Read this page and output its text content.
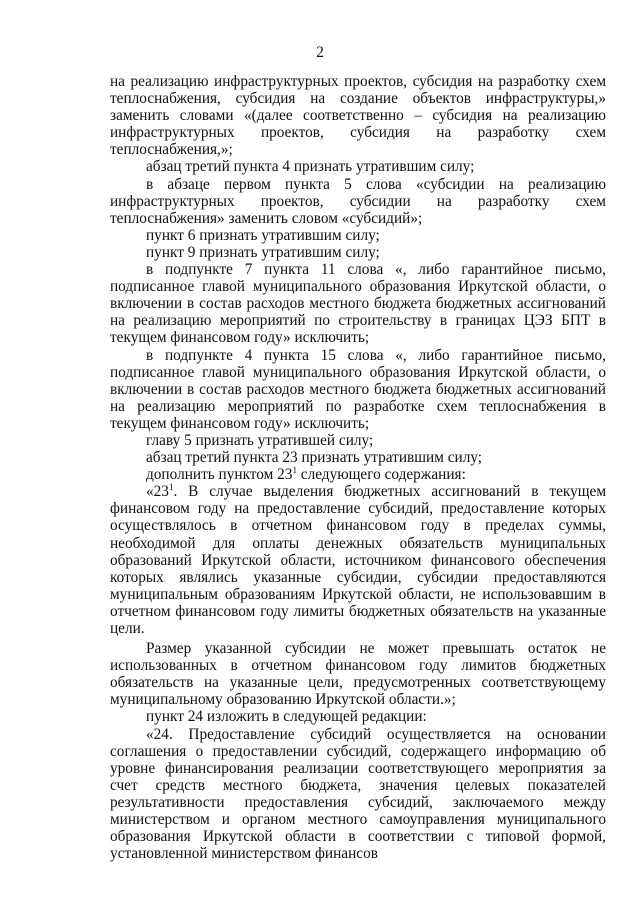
2

на реализацию инфраструктурных проектов, субсидия на разработку схем теплоснабжения, субсидия на создание объектов инфраструктуры,» заменить словами «(далее соответственно – субсидия на реализацию инфраструктурных проектов, субсидия на разработку схем теплоснабжения,»;

абзац третий пункта 4 признать утратившим силу;

в абзаце первом пункта 5 слова «субсидии на реализацию инфраструктурных проектов, субсидии на разработку схем теплоснабжения» заменить словом «субсидий»;

пункт 6 признать утратившим силу;

пункт 9 признать утратившим силу;

в подпункте 7 пункта 11 слова «, либо гарантийное письмо, подписанное главой муниципального образования Иркутской области, о включении в состав расходов местного бюджета бюджетных ассигнований на реализацию мероприятий по строительству в границах ЦЭЗ БПТ в текущем финансовом году» исключить;

в подпункте 4 пункта 15 слова «, либо гарантийное письмо, подписанное главой муниципального образования Иркутской области, о включении в состав расходов местного бюджета бюджетных ассигнований на реализацию мероприятий по разработке схем теплоснабжения в текущем финансовом году» исключить;

главу 5 признать утратившей силу;

абзац третий пункта 23 признать утратившим силу;

дополнить пунктом $23^1$ следующего содержания:

«$23^1$. В случае выделения бюджетных ассигнований в текущем финансовом году на предоставление субсидий, предоставление которых осуществлялось в отчетном финансовом году в пределах суммы, необходимой для оплаты денежных обязательств муниципальных образований Иркутской области, источником финансового обеспечения которых являлись указанные субсидии, субсидии предоставляются муниципальным образованиям Иркутской области, не использовавшим в отчетном финансовом году лимиты бюджетных обязательств на указанные цели.

Размер указанной субсидии не может превышать остаток не использованных в отчетном финансовом году лимитов бюджетных обязательств на указанные цели, предусмотренных соответствующему муниципальному образованию Иркутской области.»;

пункт 24 изложить в следующей редакции:

«24. Предоставление субсидий осуществляется на основании соглашения о предоставлении субсидий, содержащего информацию об уровне финансирования реализации соответствующего мероприятия за счет средств местного бюджета, значения целевых показателей результативности предоставления субсидий, заключаемого между министерством и органом местного самоуправления муниципального образования Иркутской области в соответствии с типовой формой, установленной министерством финансов
